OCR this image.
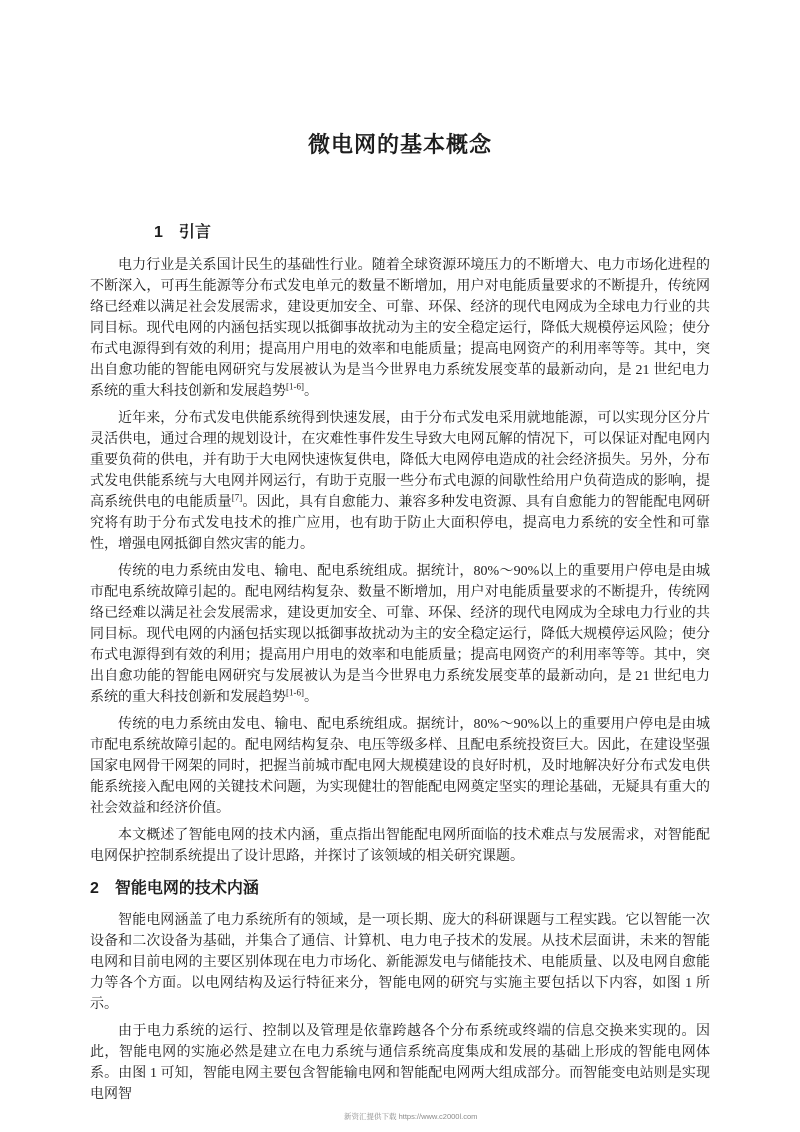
微电网的基本概念
1 引言

电力行业是关系国计民生的基础性行业。随着全球资源环境压力的不断增大、电力市场化进程的不断深入，可再生能源等分布式发电单元的数量不断增加，用户对电能质量要求的不断提升，传统网络已经难以满足社会发展需求，建设更加安全、可靠、环保、经济的现代电网成为全球电力行业的共同目标。现代电网的内涵包括实现以抵御事故扰动为主的安全稳定运行，降低大规模停运风险；使分布式电源得到有效的利用；提高用户用电的效率和电能质量；提高电网资产的利用率等等。其中，突出自愈功能的智能电网研究与发展被认为是当今世界电力系统发展变革的最新动向，是 21 世纪电力系统的重大科技创新和发展趋势[1-6]。

近年来，分布式发电供能系统得到快速发展，由于分布式发电采用就地能源，可以实现分区分片灵活供电，通过合理的规划设计，在灾难性事件发生导致大电网瓦解的情况下，可以保证对配电网内重要负荷的供电，并有助于大电网快速恢复供电，降低大电网停电造成的社会经济损失。另外，分布式发电供能系统与大电网并网运行，有助于克服一些分布式电源的间歇性给用户负荷造成的影响，提高系统供电的电能质量[7]。因此，具有自愈能力、兼容多种发电资源、具有自愈能力的智能配电网研究将有助于分布式发电技术的推广应用，也有助于防止大面积停电，提高电力系统的安全性和可靠性，增强电网抵御自然灾害的能力。

传统的电力系统由发电、输电、配电系统组成。据统计，80%～90%以上的重要用户停电是由城市配电系统故障引起的。配电网结构复杂、数量不断增加，用户对电能质量要求的不断提升，传统网络已经难以满足社会发展需求，建设更加安全、可靠、环保、经济的现代电网成为全球电力行业的共同目标。现代电网的内涵包括实现以抵御事故扰动为主的安全稳定运行，降低大规模停运风险；使分布式电源得到有效的利用；提高用户用电的效率和电能质量；提高电网资产的利用率等等。其中，突出自愈功能的智能电网研究与发展被认为是当今世界电力系统发展变革的最新动向，是 21 世纪电力系统的重大科技创新和发展趋势[1-6]。

传统的电力系统由发电、输电、配电系统组成。据统计，80%～90%以上的重要用户停电是由城市配电系统故障引起的。配电网结构复杂、电压等级多样、且配电系统投资巨大。因此，在建设坚强国家电网骨干网架的同时，把握当前城市配电网大规模建设的良好时机，及时地解决好分布式发电供能系统接入配电网的关键技术问题，为实现健壮的智能配电网奠定坚实的理论基础，无疑具有重大的社会效益和经济价值。

本文概述了智能电网的技术内涵，重点指出智能配电网所面临的技术难点与发展需求，对智能配电网保护控制系统提出了设计思路，并探讨了该领域的相关研究课题。

2 智能电网的技术内涵

智能电网涵盖了电力系统所有的领域，是一项长期、庞大的科研课题与工程实践。它以智能一次设备和二次设备为基础，并集合了通信、计算机、电力电子技术的发展。从技术层面讲，未来的智能电网和目前电网的主要区别体现在电力市场化、新能源发电与储能技术、电能质量、以及电网自愈能力等各个方面。以电网结构及运行特征来分，智能电网的研究与实施主要包括以下内容，如图 1 所示。

由于电力系统的运行、控制以及管理是依靠跨越各个分布系统或终端的信息交换来实现的。因此，智能电网的实施必然是建立在电力系统与通信系统高度集成和发展的基础上形成的智能电网体系。由图 1 可知，智能电网主要包含智能输电网和智能配电网两大组成部分。而智能变电站则是实现电网智

新资汇提供下载 https://www.c2000l.com
